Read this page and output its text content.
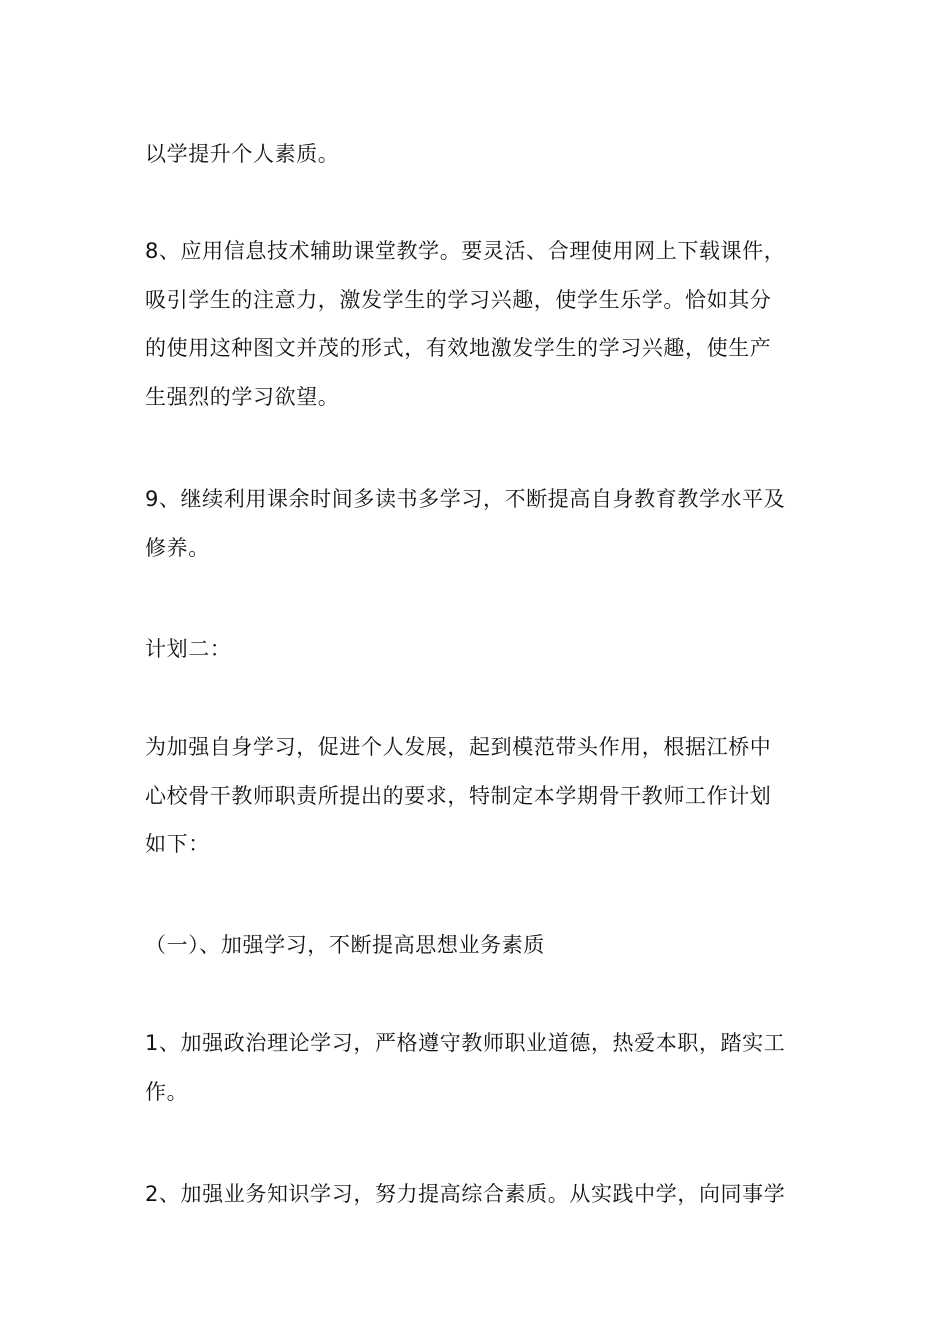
以学提升个人素质。

8、应用信息技术辅助课堂教学。要灵活、合理使用网上下载课件，
吸引学生的注意力，激发学生的学习兴趣，使学生乐学。恰如其分
的使用这种图文并茂的形式，有效地激发学生的学习兴趣，使生产
生强烈的学习欲望。

9、继续利用课余时间多读书多学习，不断提高自身教育教学水平及
修养。

计划二：

为加强自身学习，促进个人发展，起到模范带头作用，根据江桥中
心校骨干教师职责所提出的要求，特制定本学期骨干教师工作计划
如下：

（一）、加强学习，不断提高思想业务素质

1、加强政治理论学习，严格遵守教师职业道德，热爱本职，踏实工
作。

2、加强业务知识学习，努力提高综合素质。从实践中学，向同事学
